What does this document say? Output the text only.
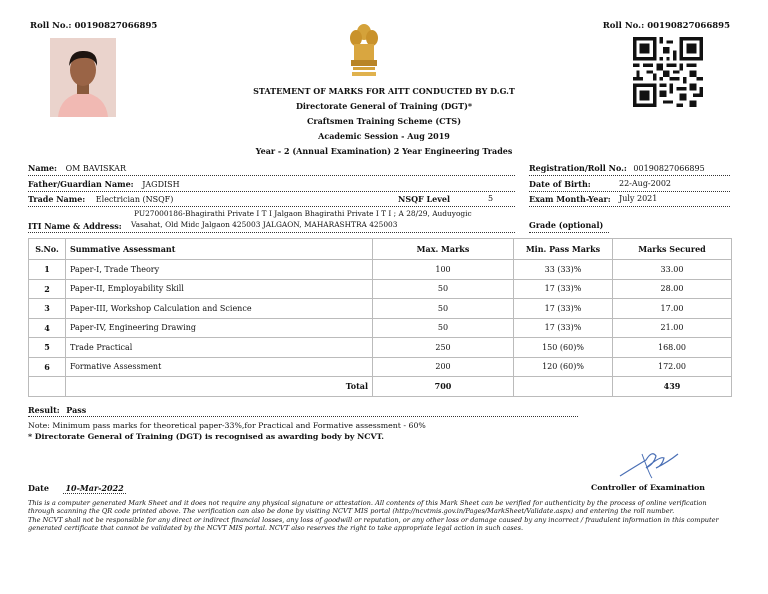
Roll No.: 00190827066895	Roll No.: 00190827066895
STATEMENT OF MARKS FOR AITT CONDUCTED BY D.G.T
Directorate General of Training (DGT)*
Craftsmen Training Scheme (CTS)
Academic Session - Aug 2019
Year - 2 (Annual Examination) 2 Year Engineering Trades
Name: OM BAVISKAR
Father/Guardian Name: JAGDISH
Trade Name: Electrician (NSQF)	NSQF Level	5
ITI Name & Address:
PU27000186-Bhagirathi Private I T I Jalgaon Bhagirathi Private I T I ; A 28/29, Auduyogic
Vasahat, Old Midc Jalgaon 425003 JALGAON, MAHARASHTRA 425003
Registration/Roll No.: 00190827066895
Date of Birth:	22-Aug-2002
Exam Month-Year: July 2021
Grade (optional)
S.No.	Summative Assessmant	Max. Marks	Min. Pass Marks	Marks Secured
1	Paper-I, Trade Theory	100	33 (33)%	33.00
2	Paper-II, Employability Skill	50	17 (33)%	28.00
3	Paper-III, Workshop Calculation and Science	50	17 (33)%	17.00
4	Paper-IV, Engineering Drawing	50	17 (33)%	21.00
5	Trade Practical	250	150 (60)%	168.00
6	Formative Assessment	200	120 (60)%	172.00
	Total	700		439
Result: Pass
Note: Minimum pass marks for theoretical paper-33%,for Practical and Formative assessment - 60%
* Directorate General of Training (DGT) is recognised as awarding body by NCVT.
Date 10-Mar-2022	Controller of Examination
This is a computer generated Mark Sheet and it does not require any physical signature or attestation. All contents of this Mark Sheet can be verified for authenticity by the process of online verification through scanning the QR code printed above. The verification can also be done by visiting NCVT MIS portal (http://ncvtmis.gov.in/Pages/MarkSheet/Validate.aspx) and entering the roll number.
The NCVT shall not be responsible for any direct or indirect financial losses, any loss of goodwill or reputation, or any other loss or damage caused by any incorrect / fraudulent information in this computer generated certificate that cannot be validated by the NCVT MIS portal. NCVT also reserves the right to take appropriate legal action in such cases.
